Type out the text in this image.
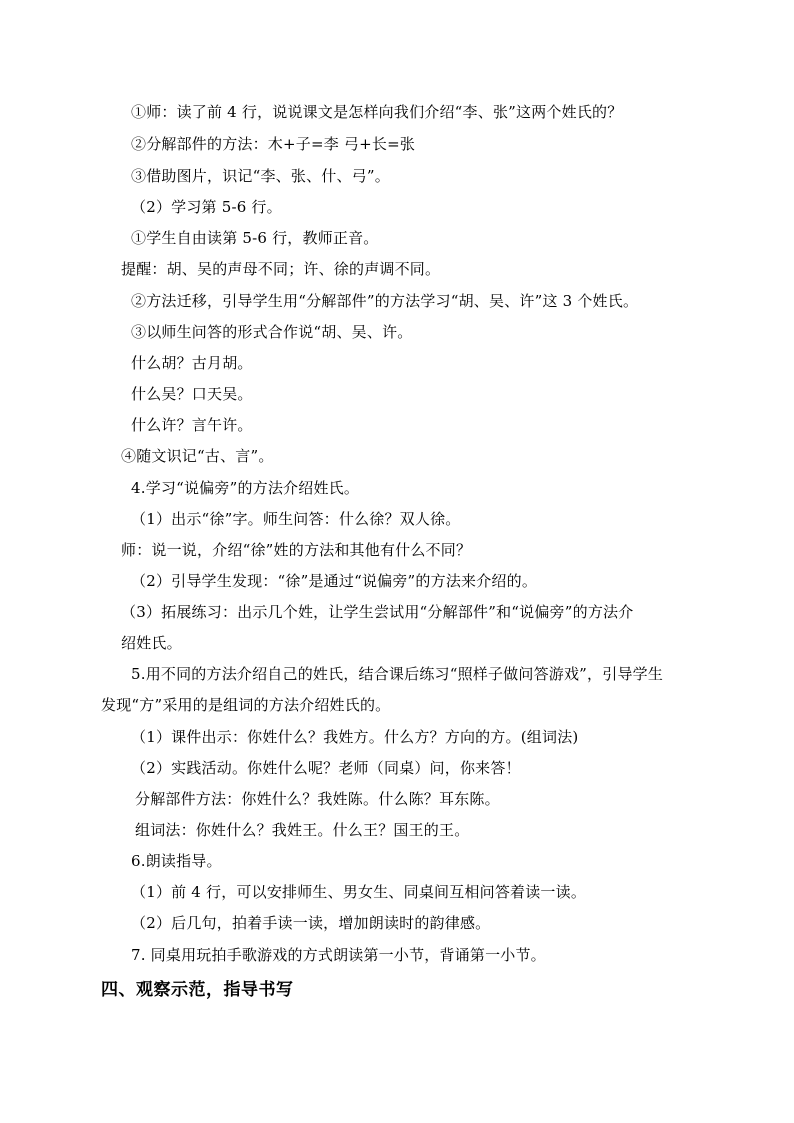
①师：读了前 4 行，说说课文是怎样向我们介绍“李、张”这两个姓氏的？
②分解部件的方法：木+子=李 弓+长=张
③借助图片，识记“李、张、什、弓”。
（2）学习第 5-6 行。
①学生自由读第 5-6 行，教师正音。
提醒：胡、吴的声母不同；许、徐的声调不同。
②方法迁移，引导学生用“分解部件”的方法学习“胡、吴、许”这 3 个姓氏。
③以师生问答的形式合作说“胡、吴、许。
什么胡？古月胡。
什么吴？口天吴。
什么许？言午许。
④随文识记“古、言”。
4.学习“说偏旁”的方法介绍姓氏。
（1）出示“徐”字。师生问答：什么徐？双人徐。
师：说一说，介绍“徐”姓的方法和其他有什么不同？
（2）引导学生发现：“徐”是通过“说偏旁”的方法来介绍的。
（3）拓展练习：出示几个姓，让学生尝试用“分解部件”和“说偏旁”的方法介
绍姓氏。
5.用不同的方法介绍自己的姓氏，结合课后练习“照样子做问答游戏”，引导学生
发现“方”采用的是组词的方法介绍姓氏的。
（1）课件出示：你姓什么？我姓方。什么方？方向的方。(组词法)
（2）实践活动。你姓什么呢？老师（同桌）问，你来答！
分解部件方法：你姓什么？我姓陈。什么陈？耳东陈。
组词法：你姓什么？我姓王。什么王？国王的王。
6.朗读指导。
（1）前 4 行，可以安排师生、男女生、同桌间互相问答着读一读。
（2）后几句，拍着手读一读，增加朗读时的韵律感。
7. 同桌用玩拍手歌游戏的方式朗读第一小节，背诵第一小节。
四、观察示范，指导书写
